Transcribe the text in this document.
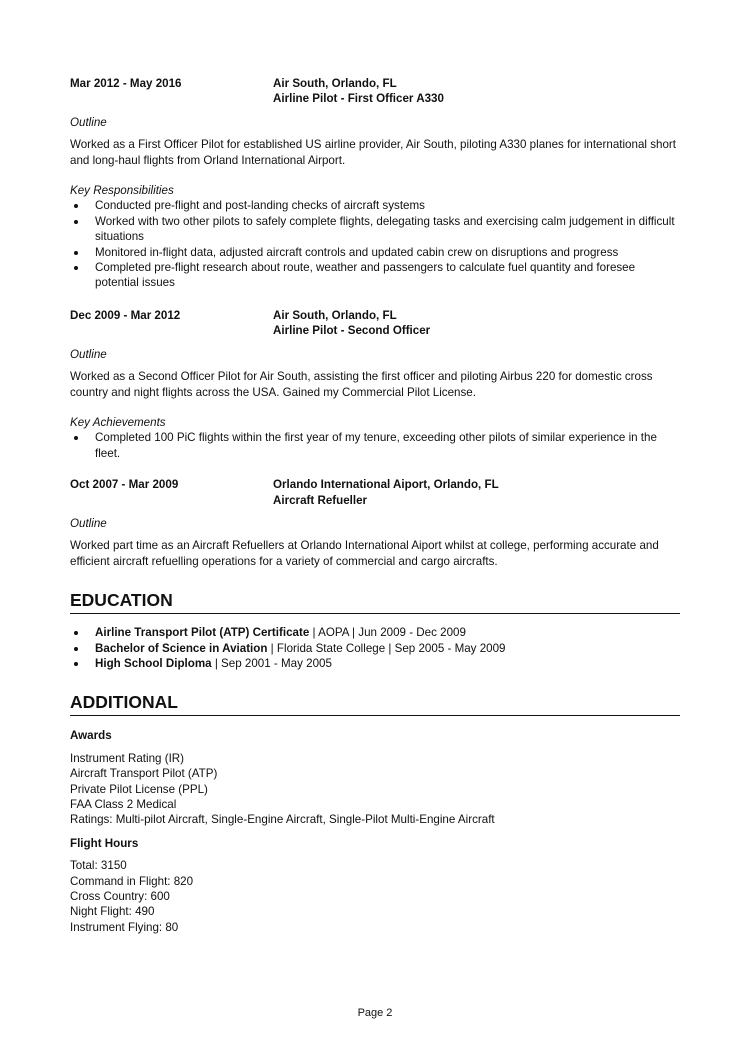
Mar 2012 - May 2016	Air South, Orlando, FL
Airline Pilot - First Officer A330
Outline
Worked as a First Officer Pilot for established US airline provider, Air South, piloting A330 planes for international short and long-haul flights from Orland International Airport.
Key Responsibilities
Conducted pre-flight and post-landing checks of aircraft systems
Worked with two other pilots to safely complete flights, delegating tasks and exercising calm judgement in difficult situations
Monitored in-flight data, adjusted aircraft controls and updated cabin crew on disruptions and progress
Completed pre-flight research about route, weather and passengers to calculate fuel quantity and foresee potential issues
Dec 2009 - Mar 2012	Air South, Orlando, FL
Airline Pilot - Second Officer
Outline
Worked as a Second Officer Pilot for Air South, assisting the first officer and piloting Airbus 220 for domestic cross country and night flights across the USA. Gained my Commercial Pilot License.
Key Achievements
Completed 100 PiC flights within the first year of my tenure, exceeding other pilots of similar experience in the fleet.
Oct 2007 - Mar 2009	Orlando International Aiport, Orlando, FL
Aircraft Refueller
Outline
Worked part time as an Aircraft Refuellers at Orlando International Aiport whilst at college, performing accurate and efficient aircraft refuelling operations for a variety of commercial and cargo aircrafts.
EDUCATION
Airline Transport Pilot (ATP) Certificate | AOPA | Jun 2009 - Dec 2009
Bachelor of Science in Aviation | Florida State College | Sep 2005 - May 2009
High School Diploma | Sep 2001 - May 2005
ADDITIONAL
Awards
Instrument Rating (IR)
Aircraft Transport Pilot (ATP)
Private Pilot License (PPL)
FAA Class 2 Medical
Ratings: Multi-pilot Aircraft, Single-Engine Aircraft, Single-Pilot Multi-Engine Aircraft
Flight Hours
Total: 3150
Command in Flight: 820
Cross Country: 600
Night Flight: 490
Instrument Flying: 80
Page 2
